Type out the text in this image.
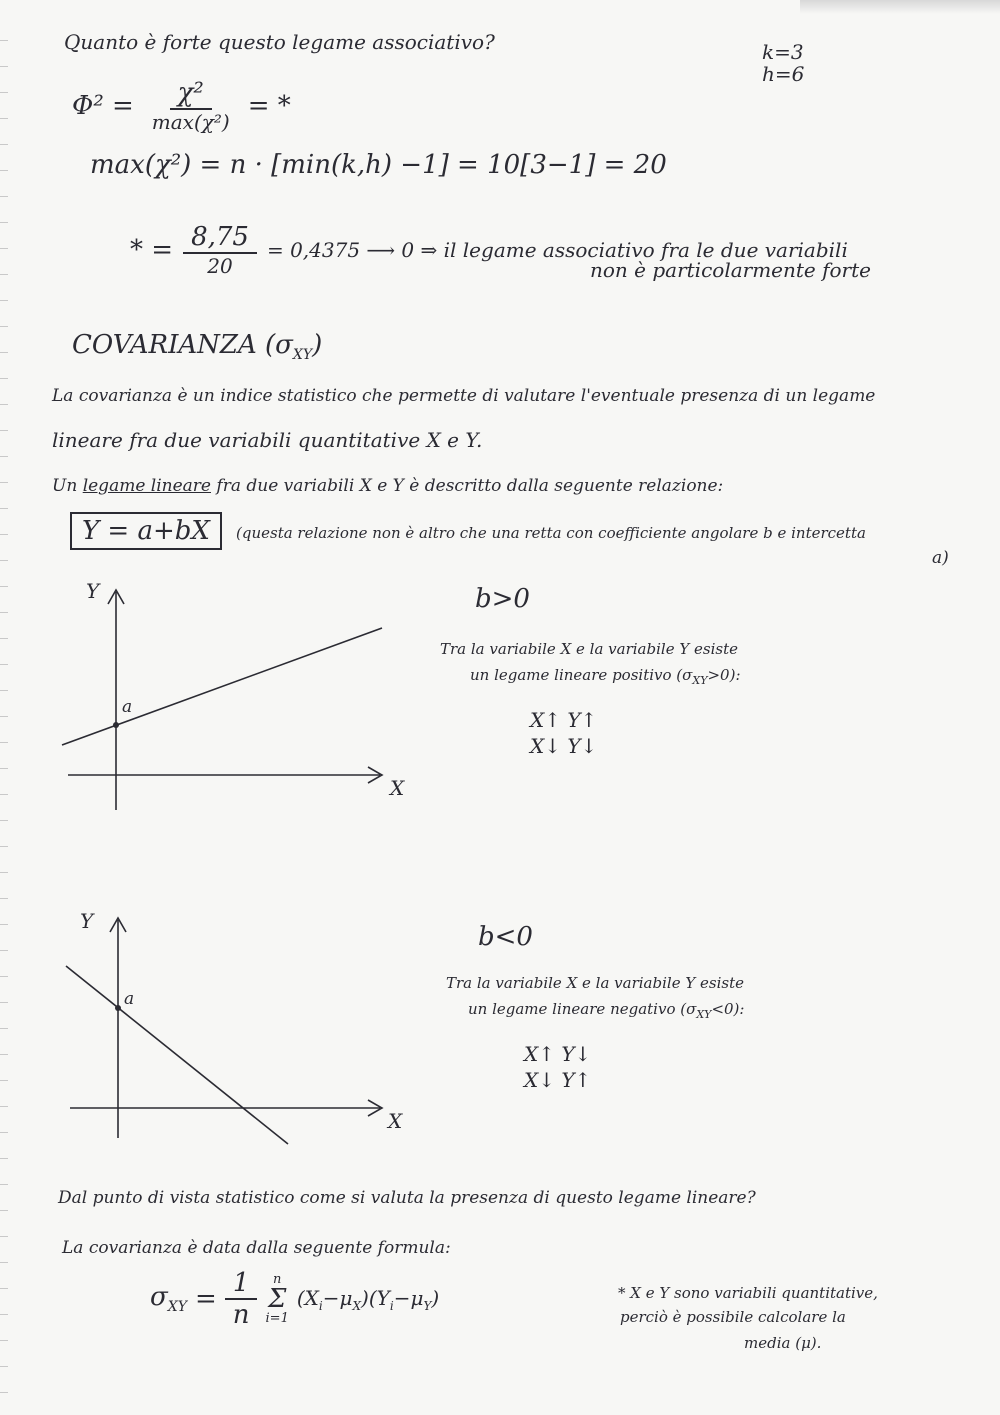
Quanto è forte questo legame associativo?	k=3
h=6
$\Phi^2 = \frac{\text{χ²}}{\text{max(χ²)}}$ = *
max(χ²) = n · [min(k,h) −1] = 10[3−1] = 20
* = $\frac{8,75}{20} = 0,4375$ ⟶ 0 ⇒ il legame associativo fra le due variabili
non è particolarmente forte
COVARIANZA $(\sigma_{XY})$
La covarianza è un indice statistico che permette di valutare l'eventuale presenza di un legame
lineare fra due variabili quantitative X e Y.
Un legame lineare fra due variabili X e Y è descritto dalla seguente relazione:
Y = a+bX	(questa relazione non è altro che una retta con coefficiente angolare b e intercetta
a)
Y
X
a
b>0
Tra la variabile X e la variabile Y esiste
un legame lineare positivo $(\sigma_{XY}>0)$:
X↑ Y↑
X↓ Y↓
Y
X
a
b<0
Tra la variabile X e la variabile Y esiste
un legame lineare negativo $(\sigma_{XY}<0)$:
X↑ Y↓
X↓ Y↑
Dal punto di vista statistico come si valuta la presenza di questo legame lineare?
La covarianza è data dalla seguente formula:
$\sigma_{XY} = \frac{1}{n}$ n
Σ
i=1
$(X_i-\mu_X)(Y_i-\mu_Y)$	* X e Y sono variabili quantitative,
perciò è possibile calcolare la
media (μ).
